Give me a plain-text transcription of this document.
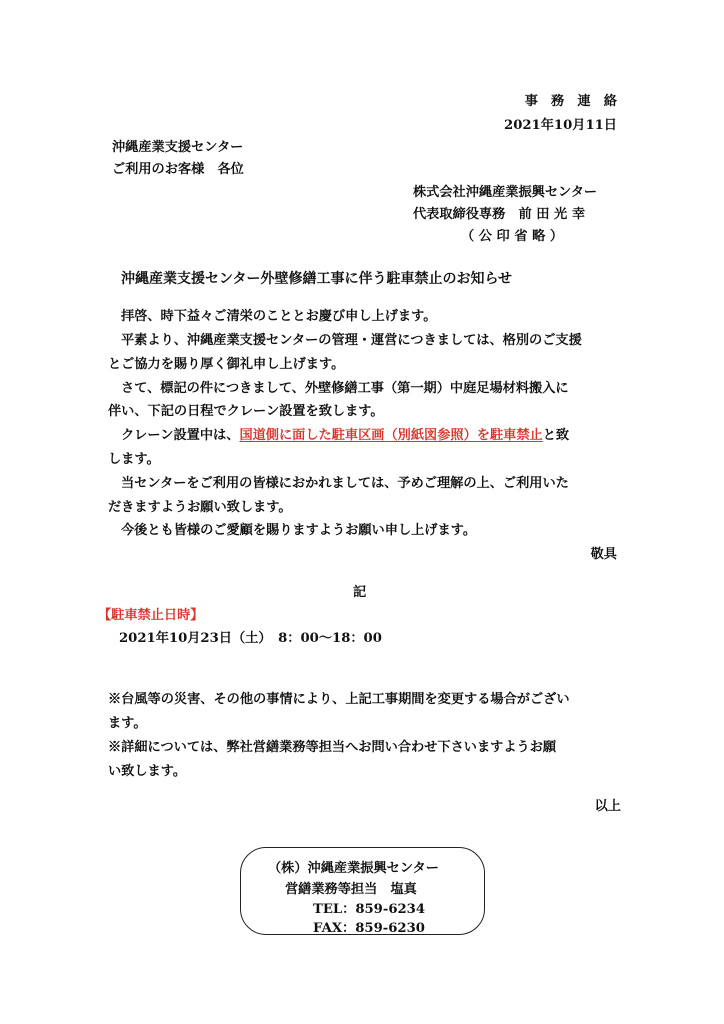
事　務　連　絡
2021年10月11日
沖縄産業支援センター
ご利用のお客様　各位
株式会社沖縄産業振興センター
代表取締役専務　前 田 光 幸
（ 公 印 省 略 ）
沖縄産業支援センター外壁修繕工事に伴う駐車禁止のお知らせ
拝啓、時下益々ご清栄のこととお慶び申し上げます。
平素より、沖縄産業支援センターの管理・運営につきましては、格別のご支援
とご協力を賜り厚く御礼申し上げます。
さて、標記の件につきまして、外壁修繕工事（第一期）中庭足場材料搬入に
伴い、下記の日程でクレーン設置を致します。
クレーン設置中は、国道側に面した駐車区画（別紙図参照）を駐車禁止と致
します。
当センターをご利用の皆様におかれましては、予めご理解の上、ご利用いた
だきますようお願い致します。
今後とも皆様のご愛顧を賜りますようお願い申し上げます。
敬具
記
【駐車禁止日時】
2021年10月23日（土）　8：00～18：00
※台風等の災害、その他の事情により、上記工事期間を変更する場合がござい
ます。
※詳細については、弊社営繕業務等担当へお問い合わせ下さいますようお願
い致します。
以上
（株）沖縄産業振興センター
営繕業務等担当　塩真
TEL：859-6234
FAX：859-6230
